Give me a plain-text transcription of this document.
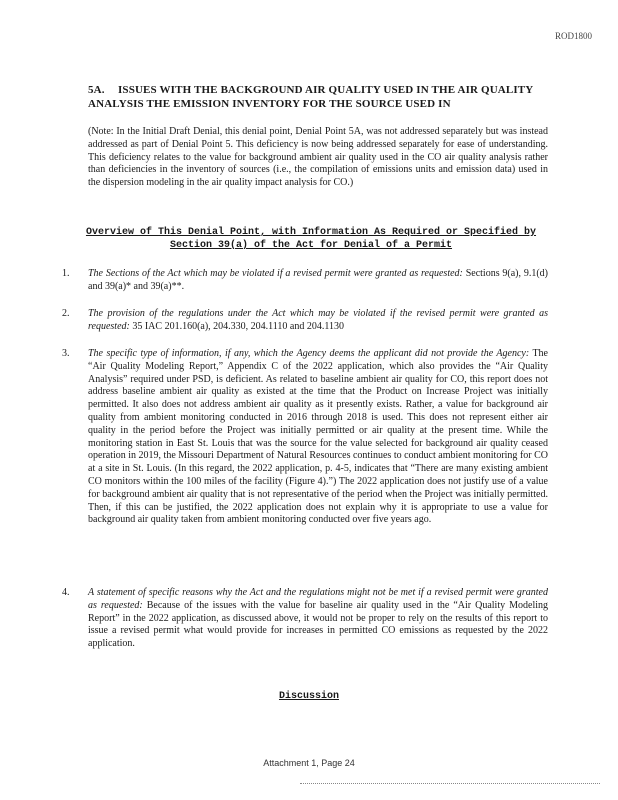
ROD1800
5A. ISSUES WITH THE BACKGROUND AIR QUALITY USED IN THE AIR QUALITY ANALYSIS THE EMISSION INVENTORY FOR THE SOURCE USED IN
(Note: In the Initial Draft Denial, this denial point, Denial Point 5A, was not addressed separately but was instead addressed as part of Denial Point 5. This deficiency is now being addressed separately for ease of understanding. This deficiency relates to the value for background ambient air quality used in the CO air quality analysis rather than deficiencies in the inventory of sources (i.e., the compilation of emissions units and emission data) used in the dispersion modeling in the air quality impact analysis for CO.)
Overview of This Denial Point, with Information As Required or Specified by Section 39(a) of the Act for Denial of a Permit
1.	The Sections of the Act which may be violated if a revised permit were granted as requested: Sections 9(a), 9.1(d) and 39(a)* and 39(a)**.
2.	The provision of the regulations under the Act which may be violated if the revised permit were granted as requested: 35 IAC 201.160(a), 204.330, 204.1110 and 204.1130
3.	The specific type of information, if any, which the Agency deems the applicant did not provide the Agency: The “Air Quality Modeling Report,” Appendix C of the 2022 application, which also provides the “Air Quality Analysis” required under PSD, is deficient. As related to baseline ambient air quality for CO, this report does not address baseline ambient air quality as existed at the time that the Product on Increase Project was initially permitted. It also does not address ambient air quality as it presently exists. Rather, a value for background air quality from ambient monitoring conducted in 2016 through 2018 is used. This does not represent either air quality in the period before the Project was initially permitted or air quality at the present time. While the monitoring station in East St. Louis that was the source for the value selected for background air quality ceased operation in 2019, the Missouri Department of Natural Resources continues to conduct ambient monitoring for CO at a site in St. Louis. (In this regard, the 2022 application, p. 4-5, indicates that “There are many existing ambient CO monitors within the 100 miles of the facility (Figure 4).”) The 2022 application does not justify use of a value for background ambient air quality that is not representative of the period when the Project was initially permitted. Then, if this can be justified, the 2022 application does not explain why it is appropriate to use a value for background air quality taken from ambient monitoring conducted over five years ago.
4.	A statement of specific reasons why the Act and the regulations might not be met if a revised permit were granted as requested: Because of the issues with the value for baseline air quality used in the “Air Quality Modeling Report” in the 2022 application, as discussed above, it would not be proper to rely on the results of this report to issue a revised permit what would provide for increases in permitted CO emissions as requested by the 2022 application.
Discussion
Attachment 1, Page 24
